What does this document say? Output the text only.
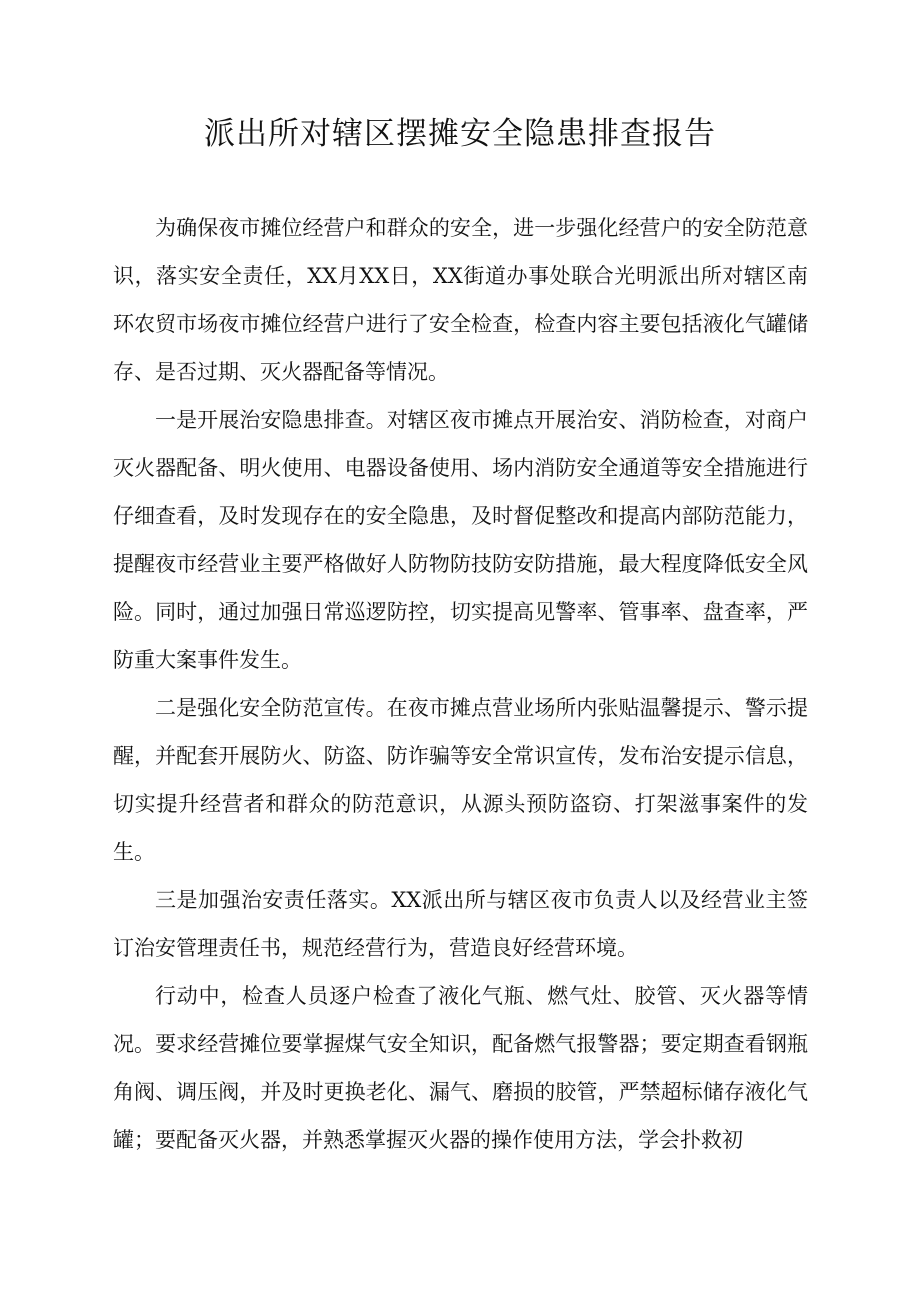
派出所对辖区摆摊安全隐患排查报告

为确保夜市摊位经营户和群众的安全，进一步强化经营户的安全防范意识，落实安全责任，XX月XX日，XX街道办事处联合光明派出所对辖区南环农贸市场夜市摊位经营户进行了安全检查，检查内容主要包括液化气罐储存、是否过期、灭火器配备等情况。

一是开展治安隐患排查。对辖区夜市摊点开展治安、消防检查，对商户灭火器配备、明火使用、电器设备使用、场内消防安全通道等安全措施进行仔细查看，及时发现存在的安全隐患，及时督促整改和提高内部防范能力，提醒夜市经营业主要严格做好人防物防技防安防措施，最大程度降低安全风险。同时，通过加强日常巡逻防控，切实提高见警率、管事率、盘查率，严防重大案事件发生。

二是强化安全防范宣传。在夜市摊点营业场所内张贴温馨提示、警示提醒，并配套开展防火、防盗、防诈骗等安全常识宣传，发布治安提示信息，切实提升经营者和群众的防范意识，从源头预防盗窃、打架滋事案件的发生。

三是加强治安责任落实。XX派出所与辖区夜市负责人以及经营业主签订治安管理责任书，规范经营行为，营造良好经营环境。

行动中，检查人员逐户检查了液化气瓶、燃气灶、胶管、灭火器等情况。要求经营摊位要掌握煤气安全知识，配备燃气报警器；要定期查看钢瓶角阀、调压阀，并及时更换老化、漏气、磨损的胶管，严禁超标储存液化气罐；要配备灭火器，并熟悉掌握灭火器的操作使用方法，学会扑救初
